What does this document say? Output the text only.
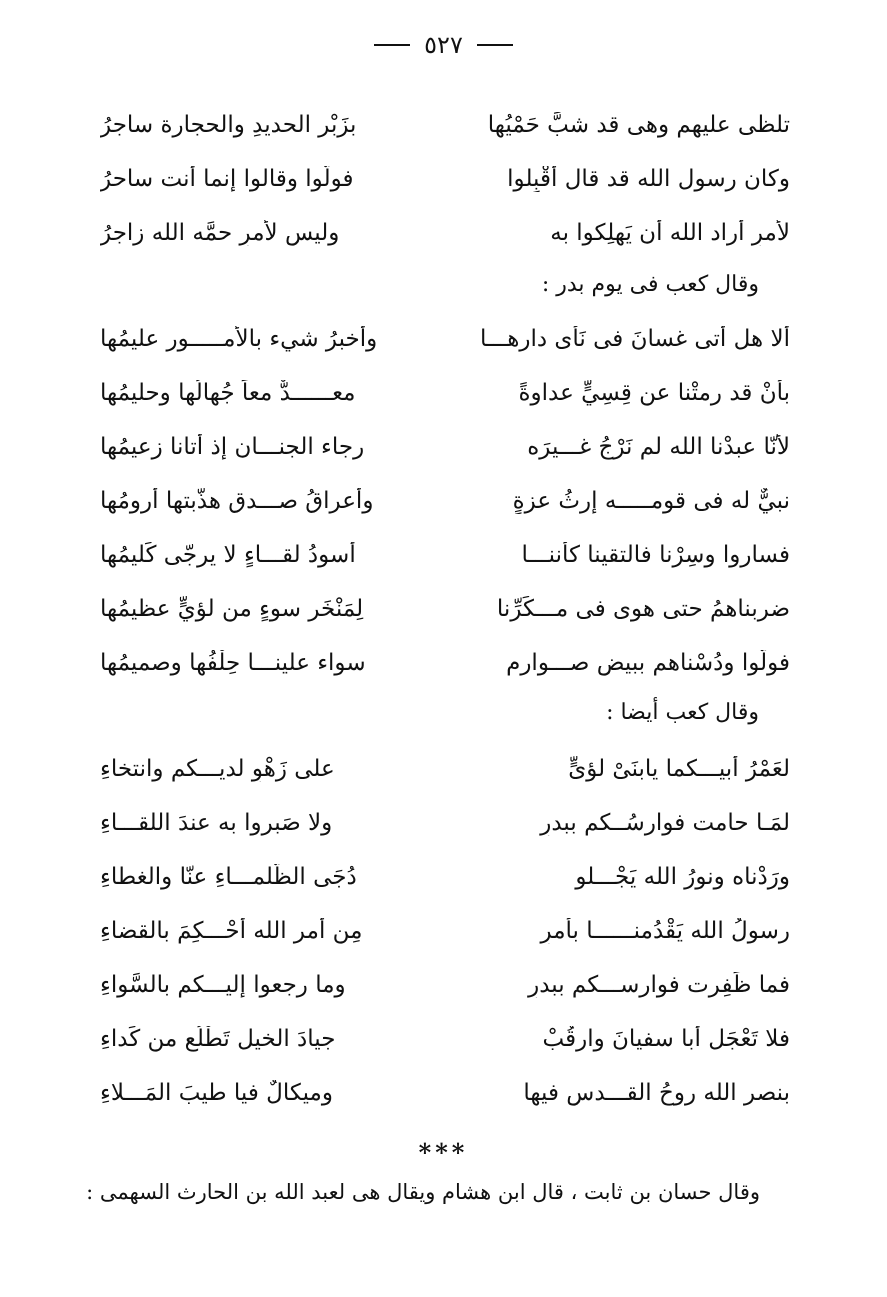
٥٢٧
تلظى عليهم وهى قد شبَّ حَمْيُها
بزَبْر الحديدِ والحجارة ساجرُ
وكان رسول الله قد قال أقْبِلوا
فولَّوا وقالوا إنما أنت ساحرُ
لأمرٍ أراد الله أن يَهلِكوا به
وليس لأمرٍ حمَّه الله زاجرُ
وقال كعب فى يوم بدر :
ألا هل أتى غسانَ فى نَأْى دارهـــا
وأخبرُ شيء بالأمـــــور عليمُها
بأنْ قد رمتْنا عن قِسِيٍّ عداوةً
معــــــدٌّ معاً جُهالُها وحليمُها
لأنّا عبدْنا الله لم نَرْجُ غـــيرَه
رجاء الجنـــان إذ أتانا زعيمُها
نبيٌّ له فى قومـــــه إرثُ عزةٍ
وأعراقُ صـــدقٍ هذَّبتها أُرومُها
فساروا وسِرْنا فالتقينا كأننـــا
أسودُ لقـــاءٍ لا يرجّى كَليمُها
ضربناهمُ حتى هوى فى مـــكَرِّنا
لِمَنْخَر سوءٍ من لؤيٍّ عظيمُها
فولَّوا ودُسْناهم ببيضٍ صـــوارمٍ
سواء علينـــا حِلْفُها وصميمُها
وقال كعب أيضا :
لعَمْرُ أبيـــكما يابنَىْ لؤىٍّ
على زَهْوٍ لديـــكم وانتخاءِ
لمَـا حامت فوارسُــكم ببدرٍ
ولا صَبروا به عندَ اللقـــاءِ
ورَدْناه ونورُ الله يَجْـــلو
دُجَى الظَّلمـــاءِ عنّا والغطاءِ
رسولُ الله يَقْدُمنــــــا بأمرٍ
مِن أمر الله أحْـــكِمَ بالقضاءِ
فما ظَفِرت فوارســـكم ببدرٍ
وما رجعوا إليـــكم بالسَّواءِ
فلا تَعْجَل أبا سفيانَ وارقُبْ
جيادَ الخيل تَطْلُع من كَداءِ
بنصر الله روحُ القـــدس فيها
وميكالٌ فيا طيبَ المَـــلاءِ
***
وقال حسان بن ثابت ، قال ابن هشام ويقال هى لعبد الله بن الحارث السهمى :
